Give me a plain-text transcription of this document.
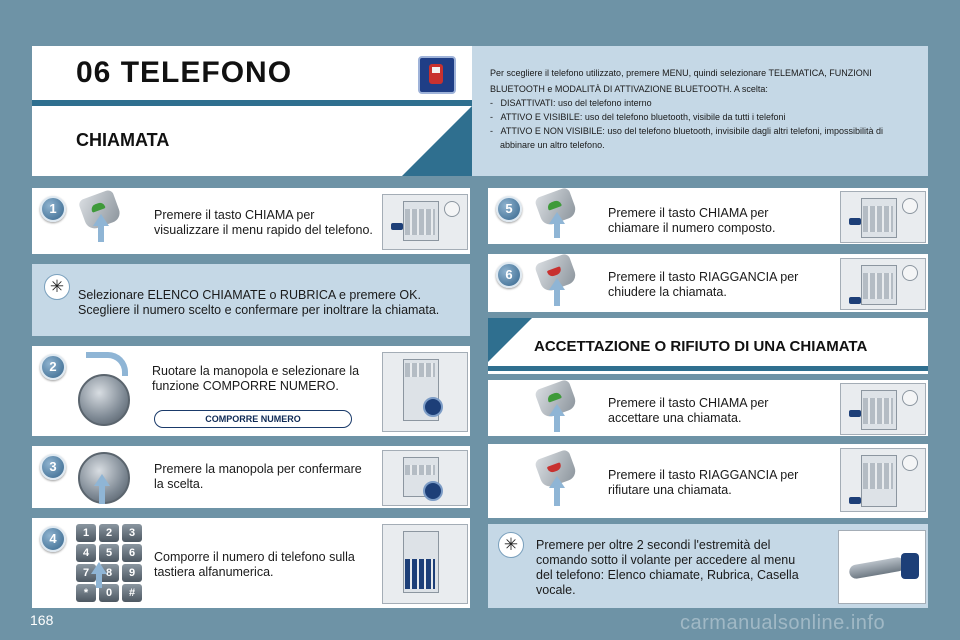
06 TELEFONO
CHIAMATA
Per scegliere il telefono utilizzato, premere MENU, quindi selezionare TELEMATICA, FUNZIONI
BLUETOOTH e MODALITÀ DI ATTIVAZIONE BLUETOOTH. A scelta:
- DISATTIVATI: uso del telefono interno
- ATTIVO E VISIBILE: uso del telefono bluetooth, visibile da tutti i telefoni
- ATTIVO E NON VISIBILE: uso del telefono bluetooth, invisibile dagli altri telefoni, impossibilità di
abbinare un altro telefono.
1	Premere il tasto CHIAMA per
visualizzare il menu rapido del telefono.
✳	Selezionare ELENCO CHIAMATE o RUBRICA e premere OK.
Scegliere il numero scelto e confermare per inoltrare la chiamata.
2	Ruotare la manopola e selezionare la
funzione COMPORRE NUMERO.
COMPORRE NUMERO
3	Premere la manopola per confermare
la scelta.
4	1	2	3
4	5	6
7	8	9
*	0	#
Comporre il numero di telefono sulla
tastiera alfanumerica.
5	Premere il tasto CHIAMA per
chiamare il numero composto.
6	Premere il tasto RIAGGANCIA per
chiudere la chiamata.
ACCETTAZIONE O RIFIUTO DI UNA CHIAMATA
Premere il tasto CHIAMA per
accettare una chiamata.
Premere il tasto RIAGGANCIA per
rifiutare una chiamata.
✳	Premere per oltre 2 secondi l'estremità del
comando sotto il volante per accedere al menu
del telefono: Elenco chiamate, Rubrica, Casella
vocale.
168	carmanualsonline.info
